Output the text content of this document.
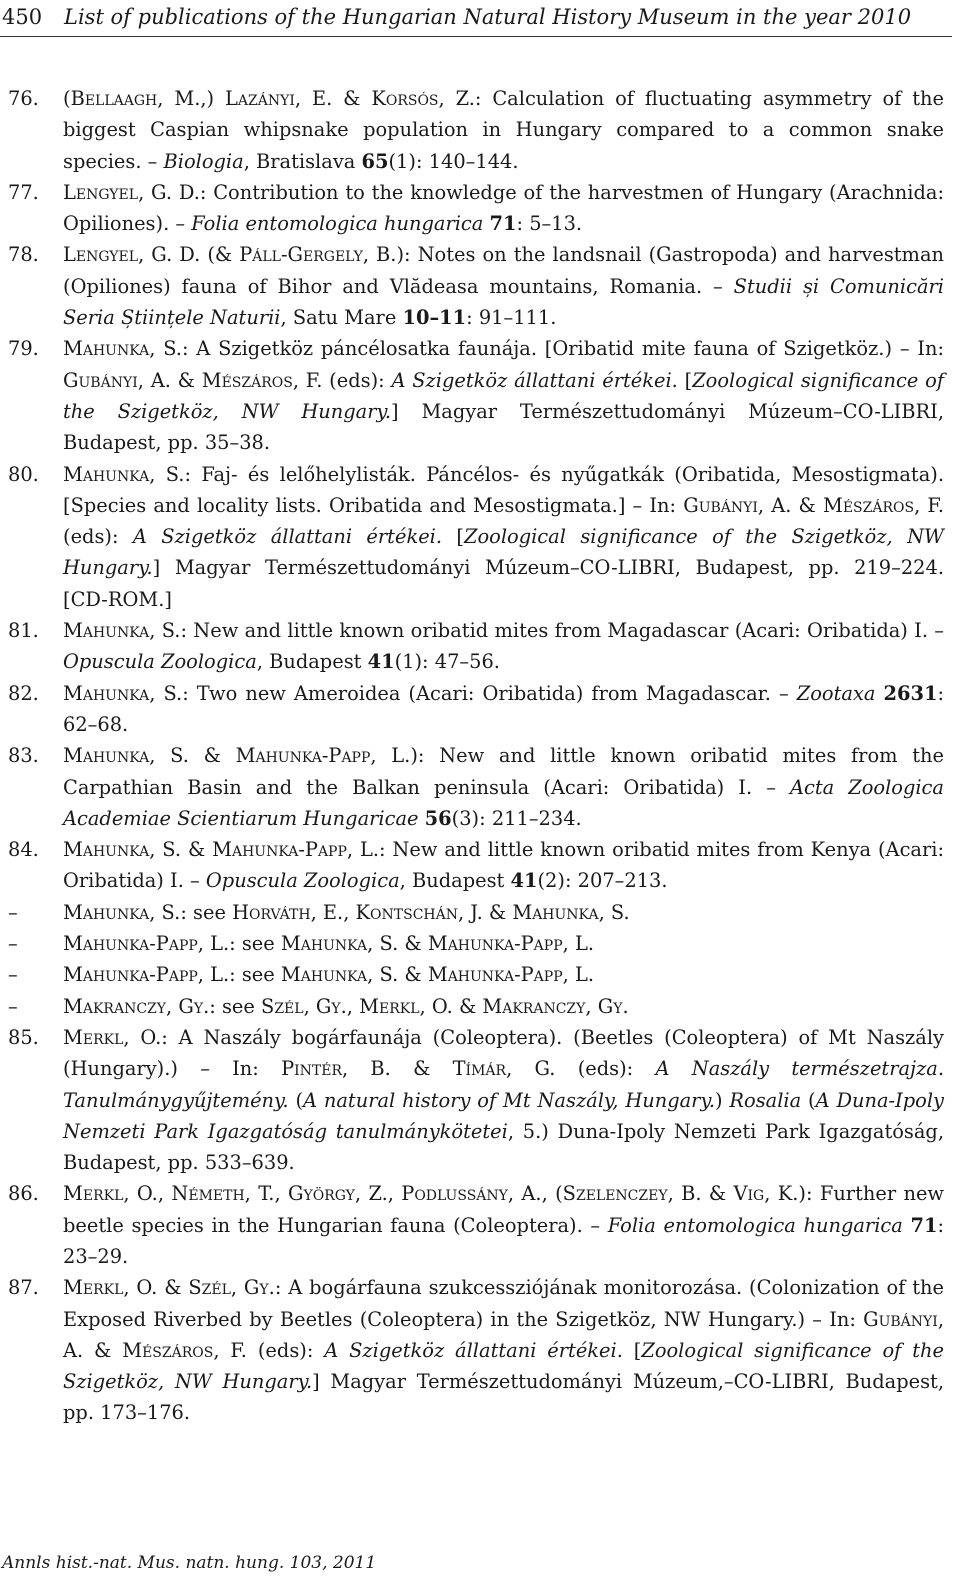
450 List of publications of the Hungarian Natural History Museum in the year 2010
76.	(Bellaagh, M.,) Lazányi, E. & Korsós, Z.: Calculation of fluctuating asymmetry of the biggest Caspian whipsnake population in Hungary compared to a common snake species. – Biologia, Bratislava 65(1): 140–144.
77.	Lengyel, G. D.: Contribution to the knowledge of the harvestmen of Hungary (Arachnida: Opiliones). – Folia entomologica hungarica 71: 5–13.
78.	Lengyel, G. D. (& Páll-Gergely, B.): Notes on the landsnail (Gastropoda) and harvestman (Opiliones) fauna of Bihor and Vlădeasa mountains, Romania. – Studii și Comunicări Seria Științele Naturii, Satu Mare 10–11: 91–111.
79.	Mahunka, S.: A Szigetköz páncélosatka faunája. [Oribatid mite fauna of Szigetköz.) – In: Gubányi, A. & Mészáros, F. (eds): A Szigetköz állattani értékei. [Zoological significance of the Szigetköz, NW Hungary.] Magyar Természettudományi Múzeum–CO-LIBRI, Budapest, pp. 35–38.
80.	Mahunka, S.: Faj- és lelőhelylisták. Páncélos- és nyűgatkák (Oribatida, Mesostigmata). [Species and locality lists. Oribatida and Mesostigmata.] – In: Gubányi, A. & Mészáros, F. (eds): A Szigetköz állattani értékei. [Zoological significance of the Szigetköz, NW Hungary.] Magyar Természettudományi Múzeum–CO-LIBRI, Budapest, pp. 219–224. [CD-ROM.]
81.	Mahunka, S.: New and little known oribatid mites from Magadascar (Acari: Oribatida) I. – Opuscula Zoologica, Budapest 41(1): 47–56.
82.	Mahunka, S.: Two new Ameroidea (Acari: Oribatida) from Magadascar. – Zootaxa 2631: 62–68.
83.	Mahunka, S. & Mahunka-Papp, L.): New and little known oribatid mites from the Carpathian Basin and the Balkan peninsula (Acari: Oribatida) I. – Acta Zoologica Academiae Scientiarum Hungaricae 56(3): 211–234.
84.	Mahunka, S. & Mahunka-Papp, L.: New and little known oribatid mites from Kenya (Acari: Oribatida) I. – Opuscula Zoologica, Budapest 41(2): 207–213.
–	Mahunka, S.: see Horváth, E., Kontschán, J. & Mahunka, S.
–	Mahunka-Papp, L.: see Mahunka, S. & Mahunka-Papp, L.
–	Mahunka-Papp, L.: see Mahunka, S. & Mahunka-Papp, L.
–	Makranczy, Gy.: see Szél, Gy., Merkl, O. & Makranczy, Gy.
85.	Merkl, O.: A Naszály bogárfaunája (Coleoptera). (Beetles (Coleoptera) of Mt Naszály (Hungary).) – In: Pintér, B. & Tímár, G. (eds): A Naszály természetrajza. Tanulmánygyűjtemény. (A natural history of Mt Naszály, Hungary.) Rosalia (A Duna-Ipoly Nemzeti Park Igazgatóság tanulmánykötetei, 5.) Duna-Ipoly Nemzeti Park Igazgatóság, Budapest, pp. 533–639.
86.	Merkl, O., Németh, T., György, Z., Podlussány, A., (Szelenczey, B. & Vig, K.): Further new beetle species in the Hungarian fauna (Coleoptera). – Folia entomologica hungarica 71: 23–29.
87.	Merkl, O. & Szél, Gy.: A bogárfauna szukcessziójának monitorozása. (Colonization of the Exposed Riverbed by Beetles (Coleoptera) in the Szigetköz, NW Hungary.) – In: Gubányi, A. & Mészáros, F. (eds): A Szigetköz állattani értékei. [Zoological significance of the Szigetköz, NW Hungary.] Magyar Természettudományi Múzeum,–CO-LIBRI, Budapest, pp. 173–176.
Annls hist.-nat. Mus. natn. hung. 103, 2011
